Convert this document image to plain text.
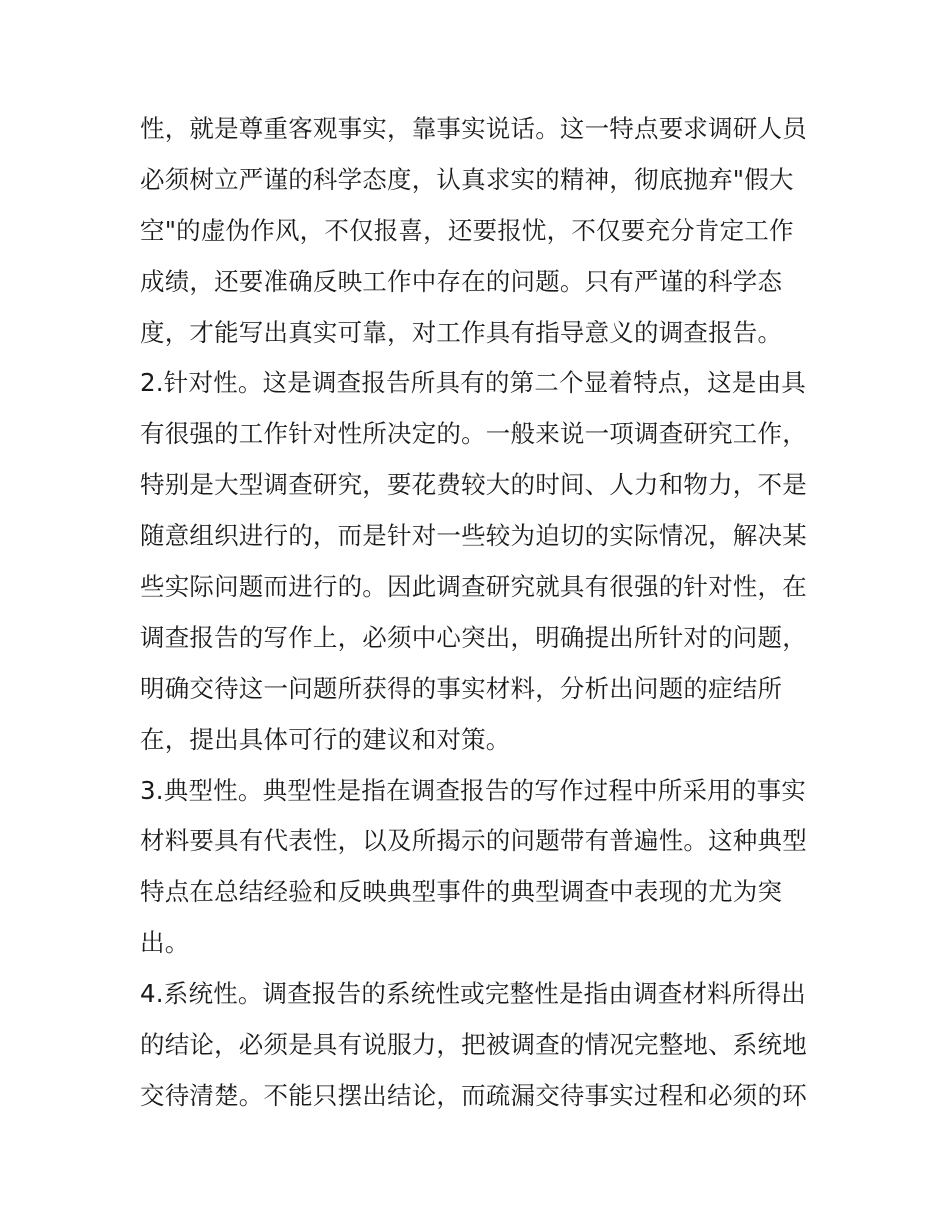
性，就是尊重客观事实，靠事实说话。这一特点要求调研人员
必须树立严谨的科学态度，认真求实的精神，彻底抛弃"假大
空"的虚伪作风，不仅报喜，还要报忧，不仅要充分肯定工作
成绩，还要准确反映工作中存在的问题。只有严谨的科学态
度，才能写出真实可靠，对工作具有指导意义的调查报告。
2.针对性。这是调查报告所具有的第二个显着特点，这是由具
有很强的工作针对性所决定的。一般来说一项调查研究工作，
特别是大型调查研究，要花费较大的时间、人力和物力，不是
随意组织进行的，而是针对一些较为迫切的实际情况，解决某
些实际问题而进行的。因此调查研究就具有很强的针对性，在
调查报告的写作上，必须中心突出，明确提出所针对的问题，
明确交待这一问题所获得的事实材料，分析出问题的症结所
在，提出具体可行的建议和对策。
3.典型性。典型性是指在调查报告的写作过程中所采用的事实
材料要具有代表性，以及所揭示的问题带有普遍性。这种典型
特点在总结经验和反映典型事件的典型调查中表现的尤为突
出。
4.系统性。调查报告的系统性或完整性是指由调查材料所得出
的结论，必须是具有说服力，把被调查的情况完整地、系统地
交待清楚。不能只摆出结论，而疏漏交待事实过程和必须的环
